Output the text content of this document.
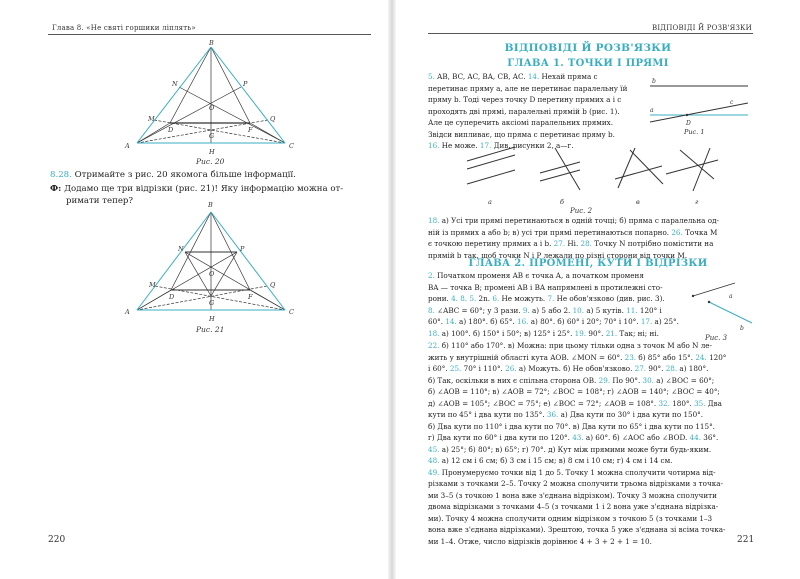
Глава 8. «Не святі горшики ліплять»
B
A	C
H
O
D	F
G
M	Q
N	P
Рис. 20
8.28. Отримайте з рис. 20 якомога більше інформації.
Ф: Додамо ще три відрізки (рис. 21)! Яку інформацію можна от-
римати тепер?	B
A	C
H
O
D	F
G
M	Q
N	P
Рис. 21
220
ВІДПОВІДІ Й РОЗВ'ЯЗКИ
ВІДПОВІДІ Й РОЗВ'ЯЗКИ
ГЛАВА 1. ТОЧКИ І ПРЯМІ
5. AB, BC, AC, BA, CB, AC. 14. Нехай пряма c
перетинає пряму a, але не перетинає паралельну їй
пряму b. Тоді через точку D перетину прямих a і c
проходять дві прямі, паралельні прямій b (рис. 1).
Але це суперечить аксіомі паралельних прямих.
Звідси випливає, що пряма c перетинає пряму b.
16. Не може. 17. Див. рисунки 2, а—г.
b
a
c
D
Рис. 1
а	б	в	г
Рис. 2
18. а) Усі три прямі перетинаються в одній точці; б) пряма c паралельна од-
ній із прямих a або b; в) усі три прямі перетинаються попарно. 26. Точка M
є точкою перетину прямих a і b. 27. Ні. 28. Точку N потрібно помістити на
прямій b так, щоб точки N і P лежали по різні сторони від точки M.
ГЛАВА 2. ПРОМЕНІ, КУТИ І ВІДРІЗКИ
a
b
Рис. 3
2. Початком променя AB є точка A, а початком променя
BA — точка B; промені AB і BA напрямлені в протилежні сто-
рони. 4. 8. 5. 2n. 6. Не можуть. 7. Не обов'язково (див. рис. 3).
8. ∠ABC = 60°; у 3 рази. 9. а) 5 або 2. 10. а) 5 кутів. 11. 120° і
60°. 14. а) 180°. б) 65°. 16. а) 80°. б) 60° і 20°; 70° і 10°. 17. а) 25°.
18. а) 100°. б) 150° і 50°; в) 125° і 25°. 19. 90°. 21. Так; ні; ні.
22. б) 110° або 170°. в) Можна: при цьому тільки одна з точок M або N ле-
жить у внутрішній області кута AOB. ∠MON = 60°. 23. б) 85° або 15°. 24. 120°
і 60°. 25. 70° і 110°. 26. а) Можуть. б) Не обов'язково. 27. 90°. 28. а) 180°.
б) Так, оскільки в них є спільна сторона OB. 29. По 90°. 30. а) ∠BOC = 60°;
б) ∠AOB = 110°; в) ∠AOB = 72°; ∠BOC = 108°; г) ∠AOB = 140°; ∠BOC = 40°;
д) ∠AOB = 105°; ∠BOC = 75°; е) ∠BOC = 72°; ∠AOB = 108°. 32. 180°. 35. Два
кути по 45° і два кути по 135°. 36. а) Два кути по 30° і два кути по 150°.
б) Два кути по 110° і два кути по 70°. в) Два кути по 65° і два кути по 115°.
г) Два кути по 60° і два кути по 120°. 43. а) 60°. б) ∠AOC або ∠BOD. 44. 36°.
45. а) 25°; б) 80°; в) 65°; г) 70°. д) Кут між прямими може бути будь-яким.
48. а) 12 см і 6 см; б) 3 см і 15 см; в) 8 см і 10 см; г) 4 см і 14 см.
49. Пронумеруємо точки від 1 до 5. Точку 1 можна сполучити чотирма від-
різками з точками 2–5. Точку 2 можна сполучити трьома відрізками з точка-
ми 3–5 (з точкою 1 вона вже з'єднана відрізком). Точку 3 можна сполучити
двома відрізками з точками 4–5 (з точками 1 і 2 вона уже з'єднана відрізка-
ми). Точку 4 можна сполучити одним відрізком з точкою 5 (з точками 1–3
вона вже з'єднана відрізками). Зрештою, точка 5 уже з'єднана зі всіма точка-
ми 1–4. Отже, число відрізків дорівнює 4 + 3 + 2 + 1 = 10.	221
